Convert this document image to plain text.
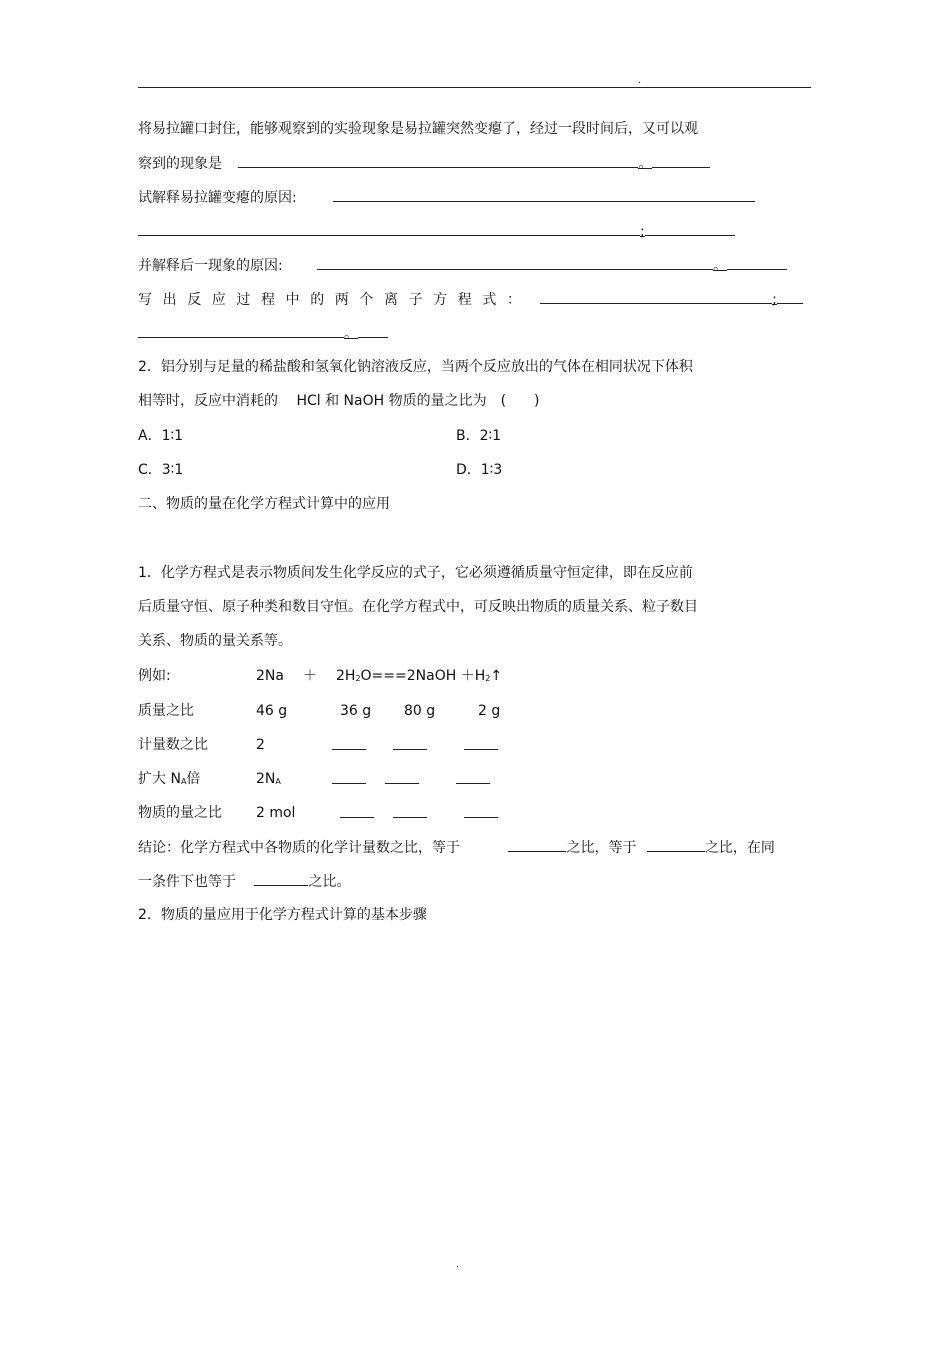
.
将易拉罐口封住，能够观察到的实验现象是易拉罐突然变瘪了，经过一段时间后，又可以观
察到的现象是	。
试解释易拉罐变瘪的原因:
;
并解释后一现象的原因:	。
写出反应过程中的两个离子方程式：	;
。
2．铝分别与足量的稀盐酸和氢氧化钠溶液反应，当两个反应放出的气体在相同状况下体积
相等时，反应中消耗的　 HCl 和 NaOH 物质的量之比为　(　　)
A．1∶1	B．2∶1
C．3∶1	D．1∶3
二、物质的量在化学方程式计算中的应用
1．化学方程式是表示物质间发生化学反应的式子，它必须遵循质量守恒定律，即在反应前
后质量守恒、原子种类和数目守恒。在化学方程式中，可反映出物质的质量关系、粒子数目
关系、物质的量关系等。
例如:	$2Na + 2H_2O===2NaOH$ $+H_2↑$
质量之比	46 g	36 g 80 g	2 g
计量数之比	2
扩大 $N_A$倍	$2N_A$
物质的量之比 2 mol
结论：化学方程式中各物质的化学计量数之比，等于	之比，等于	之比，在同
一条件下也等于	之比。
2．物质的量应用于化学方程式计算的基本步骤
.
